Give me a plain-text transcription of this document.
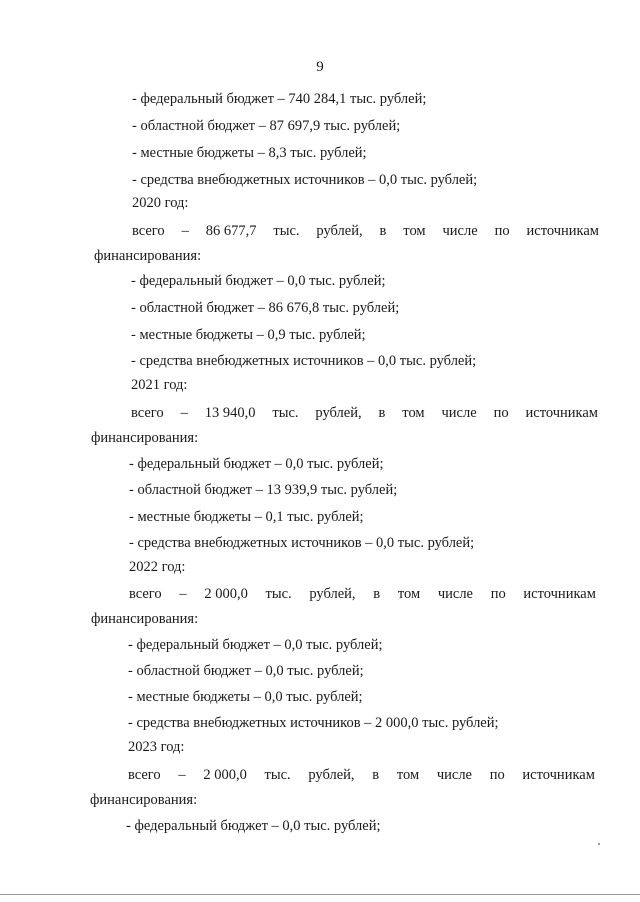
9
- федеральный бюджет – 740 284,1 тыс. рублей;
- областной бюджет – 87 697,9 тыс. рублей;
- местные бюджеты – 8,3 тыс. рублей;
- средства внебюджетных источников – 0,0 тыс. рублей;
2020 год:
всего – 86 677,7 тыс. рублей, в том числе по источникам
финансирования:
- федеральный бюджет – 0,0 тыс. рублей;
- областной бюджет – 86 676,8 тыс. рублей;
- местные бюджеты – 0,9 тыс. рублей;
- средства внебюджетных источников – 0,0 тыс. рублей;
2021 год:
всего – 13 940,0 тыс. рублей, в том числе по источникам
финансирования:
- федеральный бюджет – 0,0 тыс. рублей;
- областной бюджет – 13 939,9 тыс. рублей;
- местные бюджеты – 0,1 тыс. рублей;
- средства внебюджетных источников – 0,0 тыс. рублей;
2022 год:
всего – 2 000,0 тыс. рублей, в том числе по источникам
финансирования:
- федеральный бюджет – 0,0 тыс. рублей;
- областной бюджет – 0,0 тыс. рублей;
- местные бюджеты – 0,0 тыс. рублей;
- средства внебюджетных источников – 2 000,0 тыс. рублей;
2023 год:
всего – 2 000,0 тыс. рублей, в том числе по источникам
финансирования:
- федеральный бюджет – 0,0 тыс. рублей;
